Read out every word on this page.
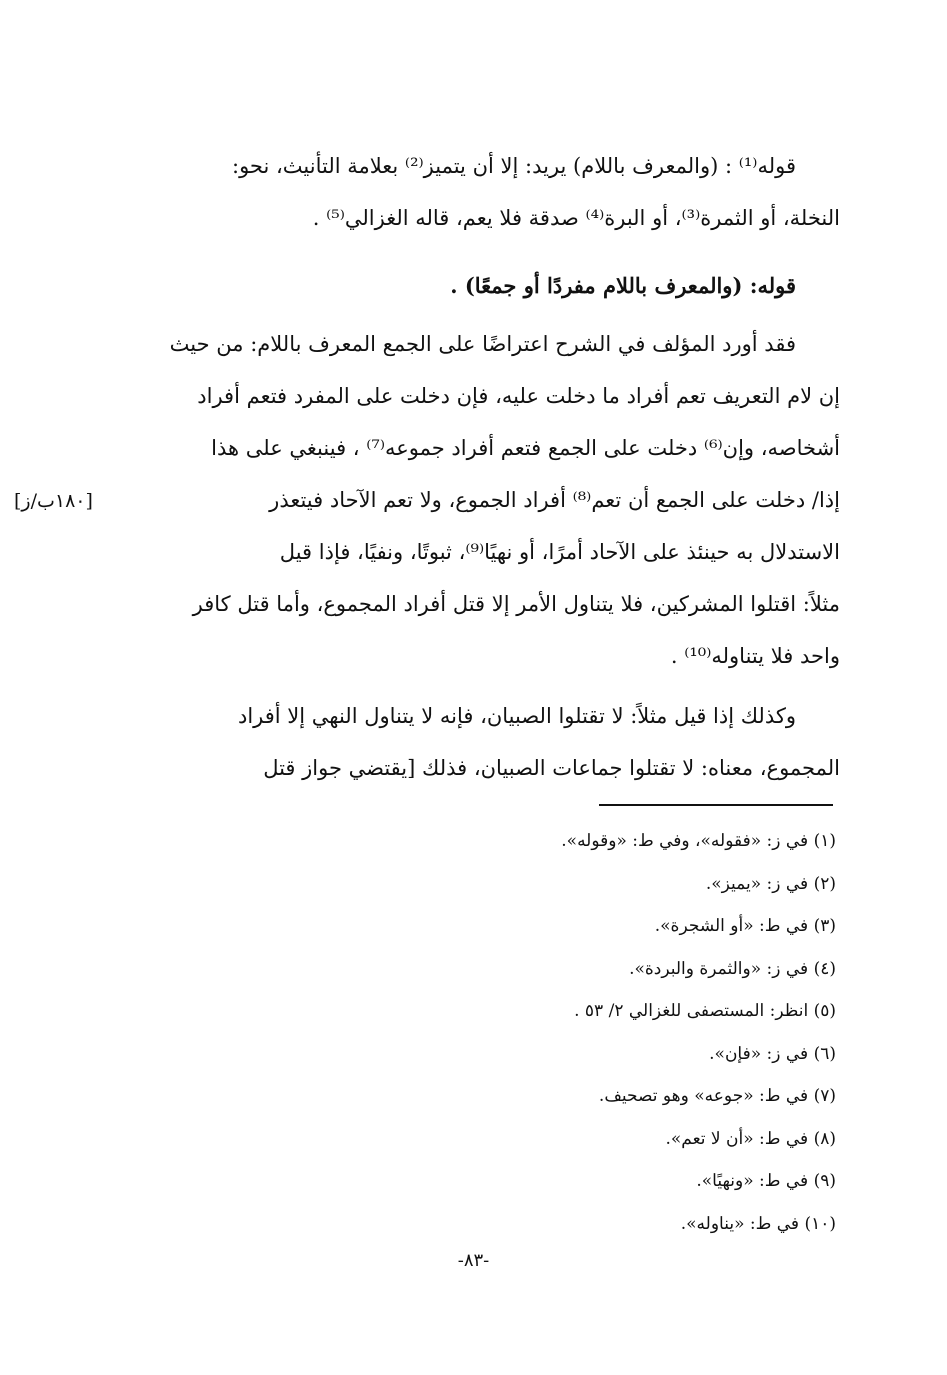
قوله⁽¹⁾ : (والمعرف باللام) يريد: إلا أن يتميز⁽²⁾ بعلامة التأنيث، نحو:
النخلة، أو الثمرة⁽³⁾، أو البرة⁽⁴⁾ صدقة فلا يعم، قاله الغزالي⁽⁵⁾ .
قوله: (والمعرف باللام مفردًا أو جمعًا) .
فقد أورد المؤلف في الشرح اعتراضًا على الجمع المعرف باللام: من حيث
إن لام التعريف تعم أفراد ما دخلت عليه، فإن دخلت على المفرد فتعم أفراد
أشخاصه، وإن⁽⁶⁾ دخلت على الجمع فتعم أفراد جموعه⁽⁷⁾ ، فينبغي على هذا
إذا/ دخلت على الجمع أن تعم⁽⁸⁾ أفراد الجموع، ولا تعم الآحاد فيتعذر
الاستدلال به حينئذ على الآحاد أمرًا، أو نهيًا⁽⁹⁾، ثبوتًا، ونفيًا، فإذا قيل
مثلاً: اقتلوا المشركين، فلا يتناول الأمر إلا قتل أفراد المجموع، وأما قتل كافر
واحد فلا يتناوله⁽¹⁰⁾ .
[١٨٠ب/ز]
وكذلك إذا قيل مثلاً: لا تقتلوا الصبيان، فإنه لا يتناول النهي إلا أفراد
المجموع، معناه: لا تقتلوا جماعات الصبيان، فذلك [يقتضي جواز قتل
(١) في ز: «فقوله»، وفي ط: «وقوله».
(٢) في ز: «يميز».
(٣) في ط: «أو الشجرة».
(٤) في ز: «والثمرة والبردة».
(٥) انظر: المستصفى للغزالي ٢/ ٥٣ .
(٦) في ز: «فإن».
(٧) في ط: «جوعه» وهو تصحيف.
(٨) في ط: «أن لا تعم».
(٩) في ط: «ونهيًا».
(١٠) في ط: «يناوله».
-٨٣-
